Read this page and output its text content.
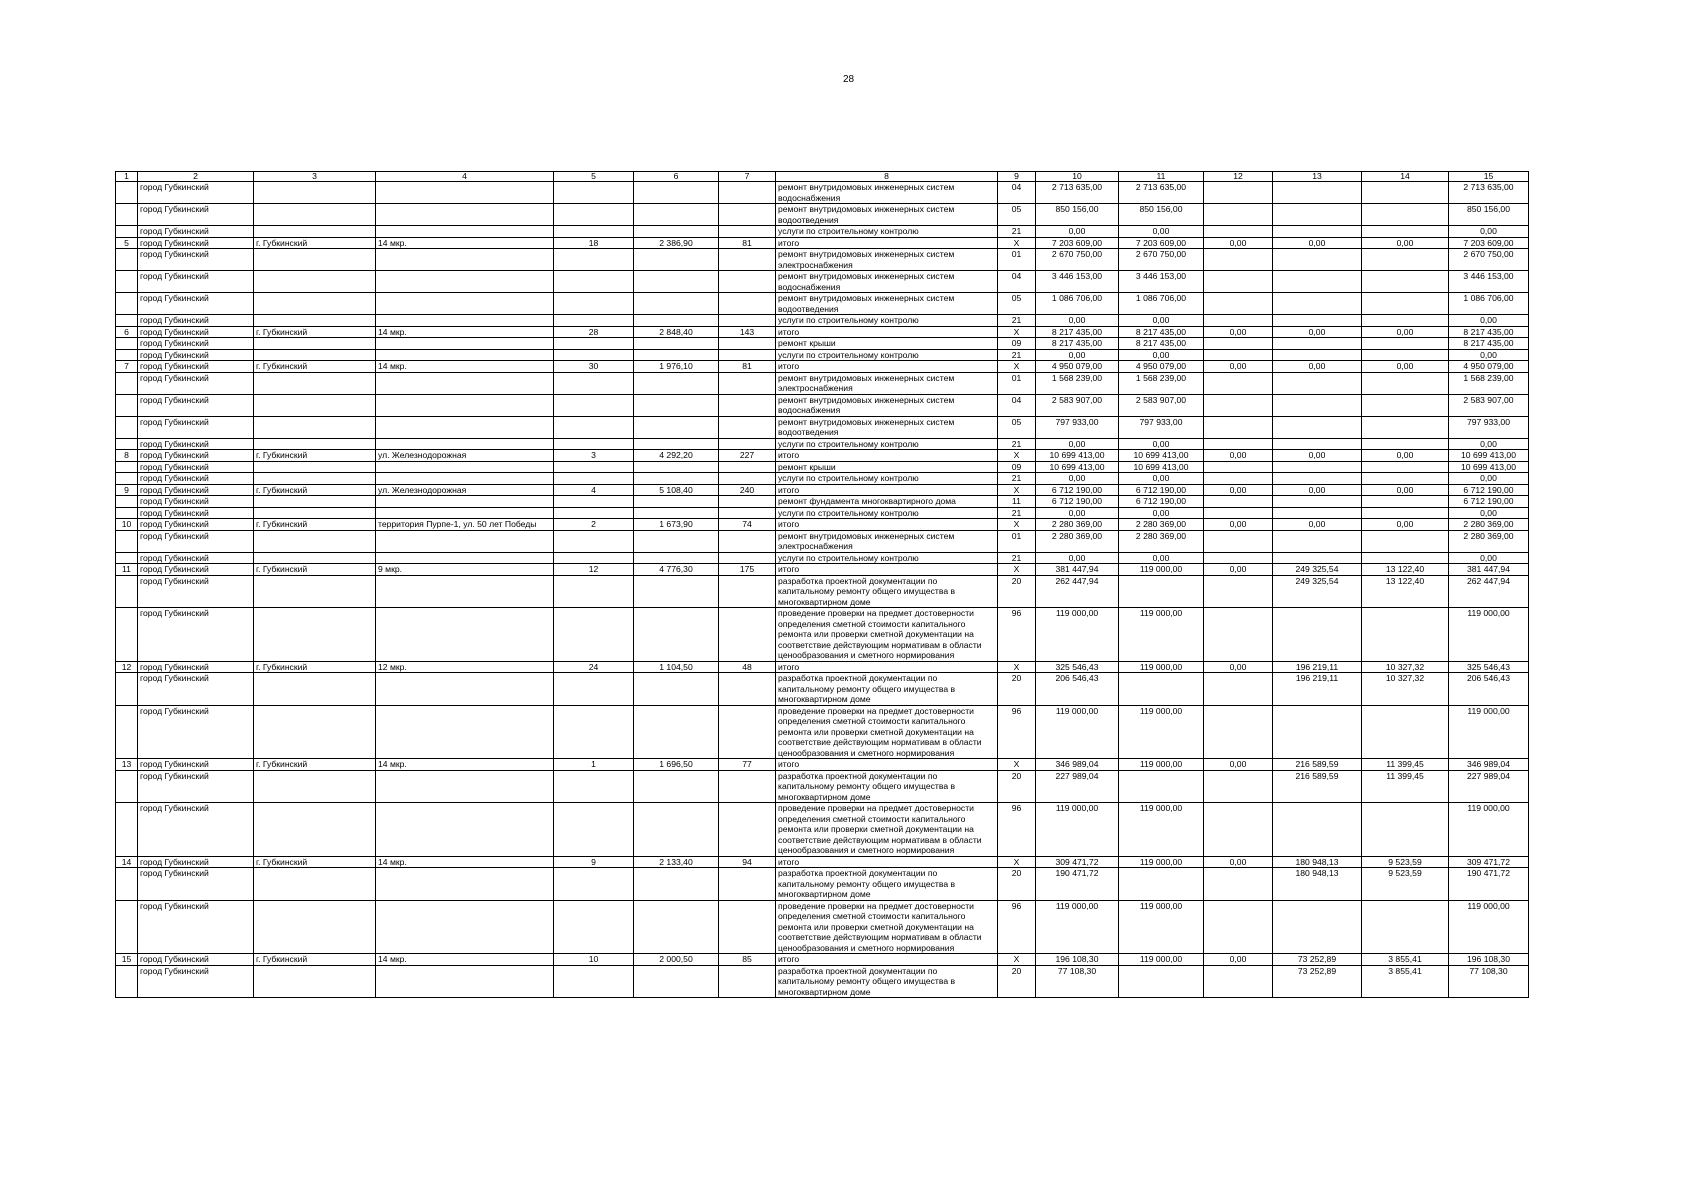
28
1	2	3	4	5	6	7	8	9	10	11	12	13	14	15
	город Губкинский						ремонт внутридомовых инженерных систем водоснабжения	04	2 713 635,00	2 713 635,00				2 713 635,00
	город Губкинский						ремонт внутридомовых инженерных систем водоотведения	05	850 156,00	850 156,00				850 156,00
	город Губкинский						услуги по строительному контролю	21	0,00	0,00				0,00
5	город Губкинский	г. Губкинский	14 мкр.	18	2 386,90	81	итого	X	7 203 609,00	7 203 609,00	0,00	0,00	0,00	7 203 609,00
	город Губкинский						ремонт внутридомовых инженерных систем электроснабжения	01	2 670 750,00	2 670 750,00				2 670 750,00
	город Губкинский						ремонт внутридомовых инженерных систем водоснабжения	04	3 446 153,00	3 446 153,00				3 446 153,00
	город Губкинский						ремонт внутридомовых инженерных систем водоотведения	05	1 086 706,00	1 086 706,00				1 086 706,00
	город Губкинский						услуги по строительному контролю	21	0,00	0,00				0,00
6	город Губкинский	г. Губкинский	14 мкр.	28	2 848,40	143	итого	X	8 217 435,00	8 217 435,00	0,00	0,00	0,00	8 217 435,00
	город Губкинский						ремонт крыши	09	8 217 435,00	8 217 435,00				8 217 435,00
	город Губкинский						услуги по строительному контролю	21	0,00	0,00				0,00
7	город Губкинский	г. Губкинский	14 мкр.	30	1 976,10	81	итого	X	4 950 079,00	4 950 079,00	0,00	0,00	0,00	4 950 079,00
	город Губкинский						ремонт внутридомовых инженерных систем электроснабжения	01	1 568 239,00	1 568 239,00				1 568 239,00
	город Губкинский						ремонт внутридомовых инженерных систем водоснабжения	04	2 583 907,00	2 583 907,00				2 583 907,00
	город Губкинский						ремонт внутридомовых инженерных систем водоотведения	05	797 933,00	797 933,00				797 933,00
	город Губкинский						услуги по строительному контролю	21	0,00	0,00				0,00
8	город Губкинский	г. Губкинский	ул. Железнодорожная	3	4 292,20	227	итого	X	10 699 413,00	10 699 413,00	0,00	0,00	0,00	10 699 413,00
	город Губкинский						ремонт крыши	09	10 699 413,00	10 699 413,00				10 699 413,00
	город Губкинский						услуги по строительному контролю	21	0,00	0,00				0,00
9	город Губкинский	г. Губкинский	ул. Железнодорожная	4	5 108,40	240	итого	X	6 712 190,00	6 712 190,00	0,00	0,00	0,00	6 712 190,00
	город Губкинский						ремонт фундамента многоквартирного дома	11	6 712 190,00	6 712 190,00				6 712 190,00
	город Губкинский						услуги по строительному контролю	21	0,00	0,00				0,00
10	город Губкинский	г. Губкинский	территория Пурпе-1, ул. 50 лет Победы	2	1 673,90	74	итого	X	2 280 369,00	2 280 369,00	0,00	0,00	0,00	2 280 369,00
	город Губкинский						ремонт внутридомовых инженерных систем электроснабжения	01	2 280 369,00	2 280 369,00				2 280 369,00
	город Губкинский						услуги по строительному контролю	21	0,00	0,00				0,00
11	город Губкинский	г. Губкинский	9 мкр.	12	4 776,30	175	итого	X	381 447,94	119 000,00	0,00	249 325,54	13 122,40	381 447,94
	город Губкинский						разработка проектной документации по капитальному ремонту общего имущества в многоквартирном доме	20	262 447,94			249 325,54	13 122,40	262 447,94
	город Губкинский						проведение проверки на предмет достоверности определения сметной стоимости капитального ремонта или проверки сметной документации на соответствие действующим нормативам в области ценообразования и сметного нормирования	96	119 000,00	119 000,00				119 000,00
12	город Губкинский	г. Губкинский	12 мкр.	24	1 104,50	48	итого	X	325 546,43	119 000,00	0,00	196 219,11	10 327,32	325 546,43
	город Губкинский						разработка проектной документации по капитальному ремонту общего имущества в многоквартирном доме	20	206 546,43			196 219,11	10 327,32	206 546,43
	город Губкинский						проведение проверки на предмет достоверности определения сметной стоимости капитального ремонта или проверки сметной документации на соответствие действующим нормативам в области ценообразования и сметного нормирования	96	119 000,00	119 000,00				119 000,00
13	город Губкинский	г. Губкинский	14 мкр.	1	1 696,50	77	итого	X	346 989,04	119 000,00	0,00	216 589,59	11 399,45	346 989,04
	город Губкинский						разработка проектной документации по капитальному ремонту общего имущества в многоквартирном доме	20	227 989,04			216 589,59	11 399,45	227 989,04
	город Губкинский						проведение проверки на предмет достоверности определения сметной стоимости капитального ремонта или проверки сметной документации на соответствие действующим нормативам в области ценообразования и сметного нормирования	96	119 000,00	119 000,00				119 000,00
14	город Губкинский	г. Губкинский	14 мкр.	9	2 133,40	94	итого	X	309 471,72	119 000,00	0,00	180 948,13	9 523,59	309 471,72
	город Губкинский						разработка проектной документации по капитальному ремонту общего имущества в многоквартирном доме	20	190 471,72			180 948,13	9 523,59	190 471,72
	город Губкинский						проведение проверки на предмет достоверности определения сметной стоимости капитального ремонта или проверки сметной документации на соответствие действующим нормативам в области ценообразования и сметного нормирования	96	119 000,00	119 000,00				119 000,00
15	город Губкинский	г. Губкинский	14 мкр.	10	2 000,50	85	итого	X	196 108,30	119 000,00	0,00	73 252,89	3 855,41	196 108,30
	город Губкинский						разработка проектной документации по капитальному ремонту общего имущества в многоквартирном доме	20	77 108,30			73 252,89	3 855,41	77 108,30
